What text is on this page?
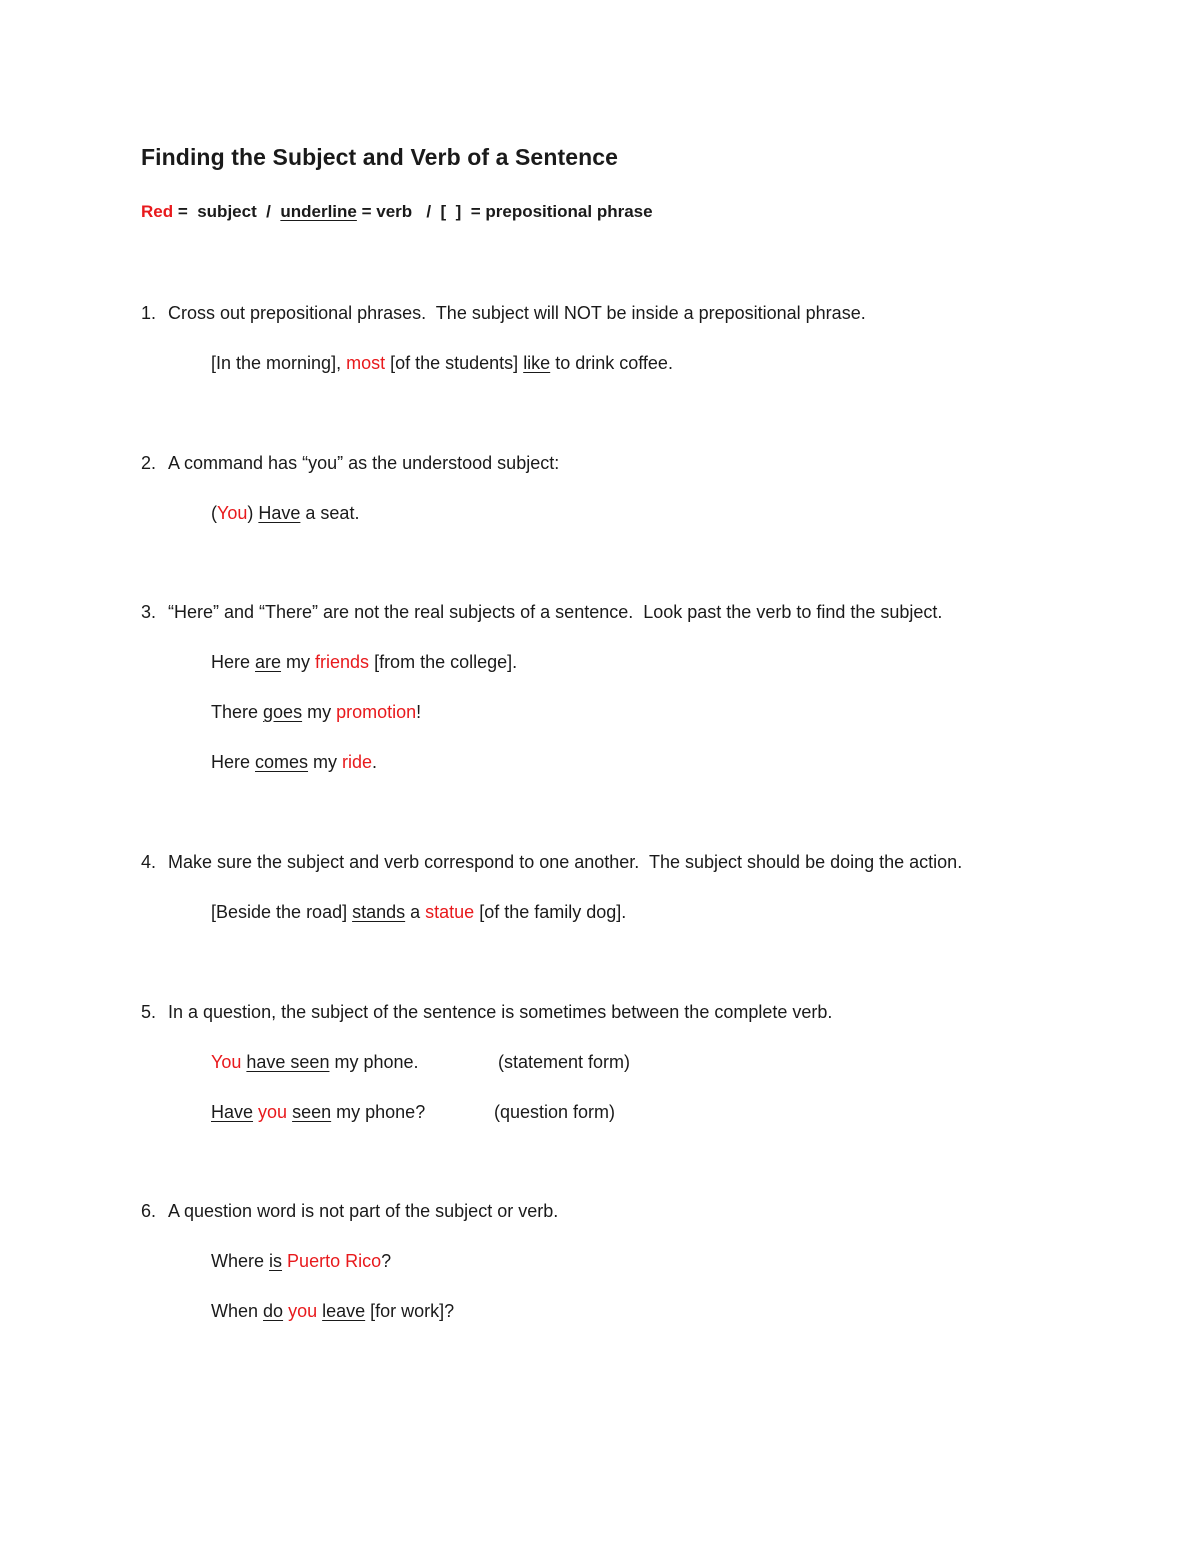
Finding the Subject and Verb of a Sentence
Red =  subject  /  underline = verb   /  [  ]  = prepositional phrase
1. Cross out prepositional phrases.  The subject will NOT be inside a prepositional phrase.
[In the morning], most [of the students] like to drink coffee.
2. A command has “you” as the understood subject:
(You) Have a seat.
3. “Here” and “There” are not the real subjects of a sentence.  Look past the verb to find the subject.
Here are my friends [from the college].
There goes my promotion!
Here comes my ride.
4. Make sure the subject and verb correspond to one another.  The subject should be doing the action.
[Beside the road] stands a statue [of the family dog].
5. In a question, the subject of the sentence is sometimes between the complete verb.
You have seen my phone.	(statement form)
Have you seen my phone?	(question form)
6. A question word is not part of the subject or verb.
Where is Puerto Rico?
When do you leave [for work]?
